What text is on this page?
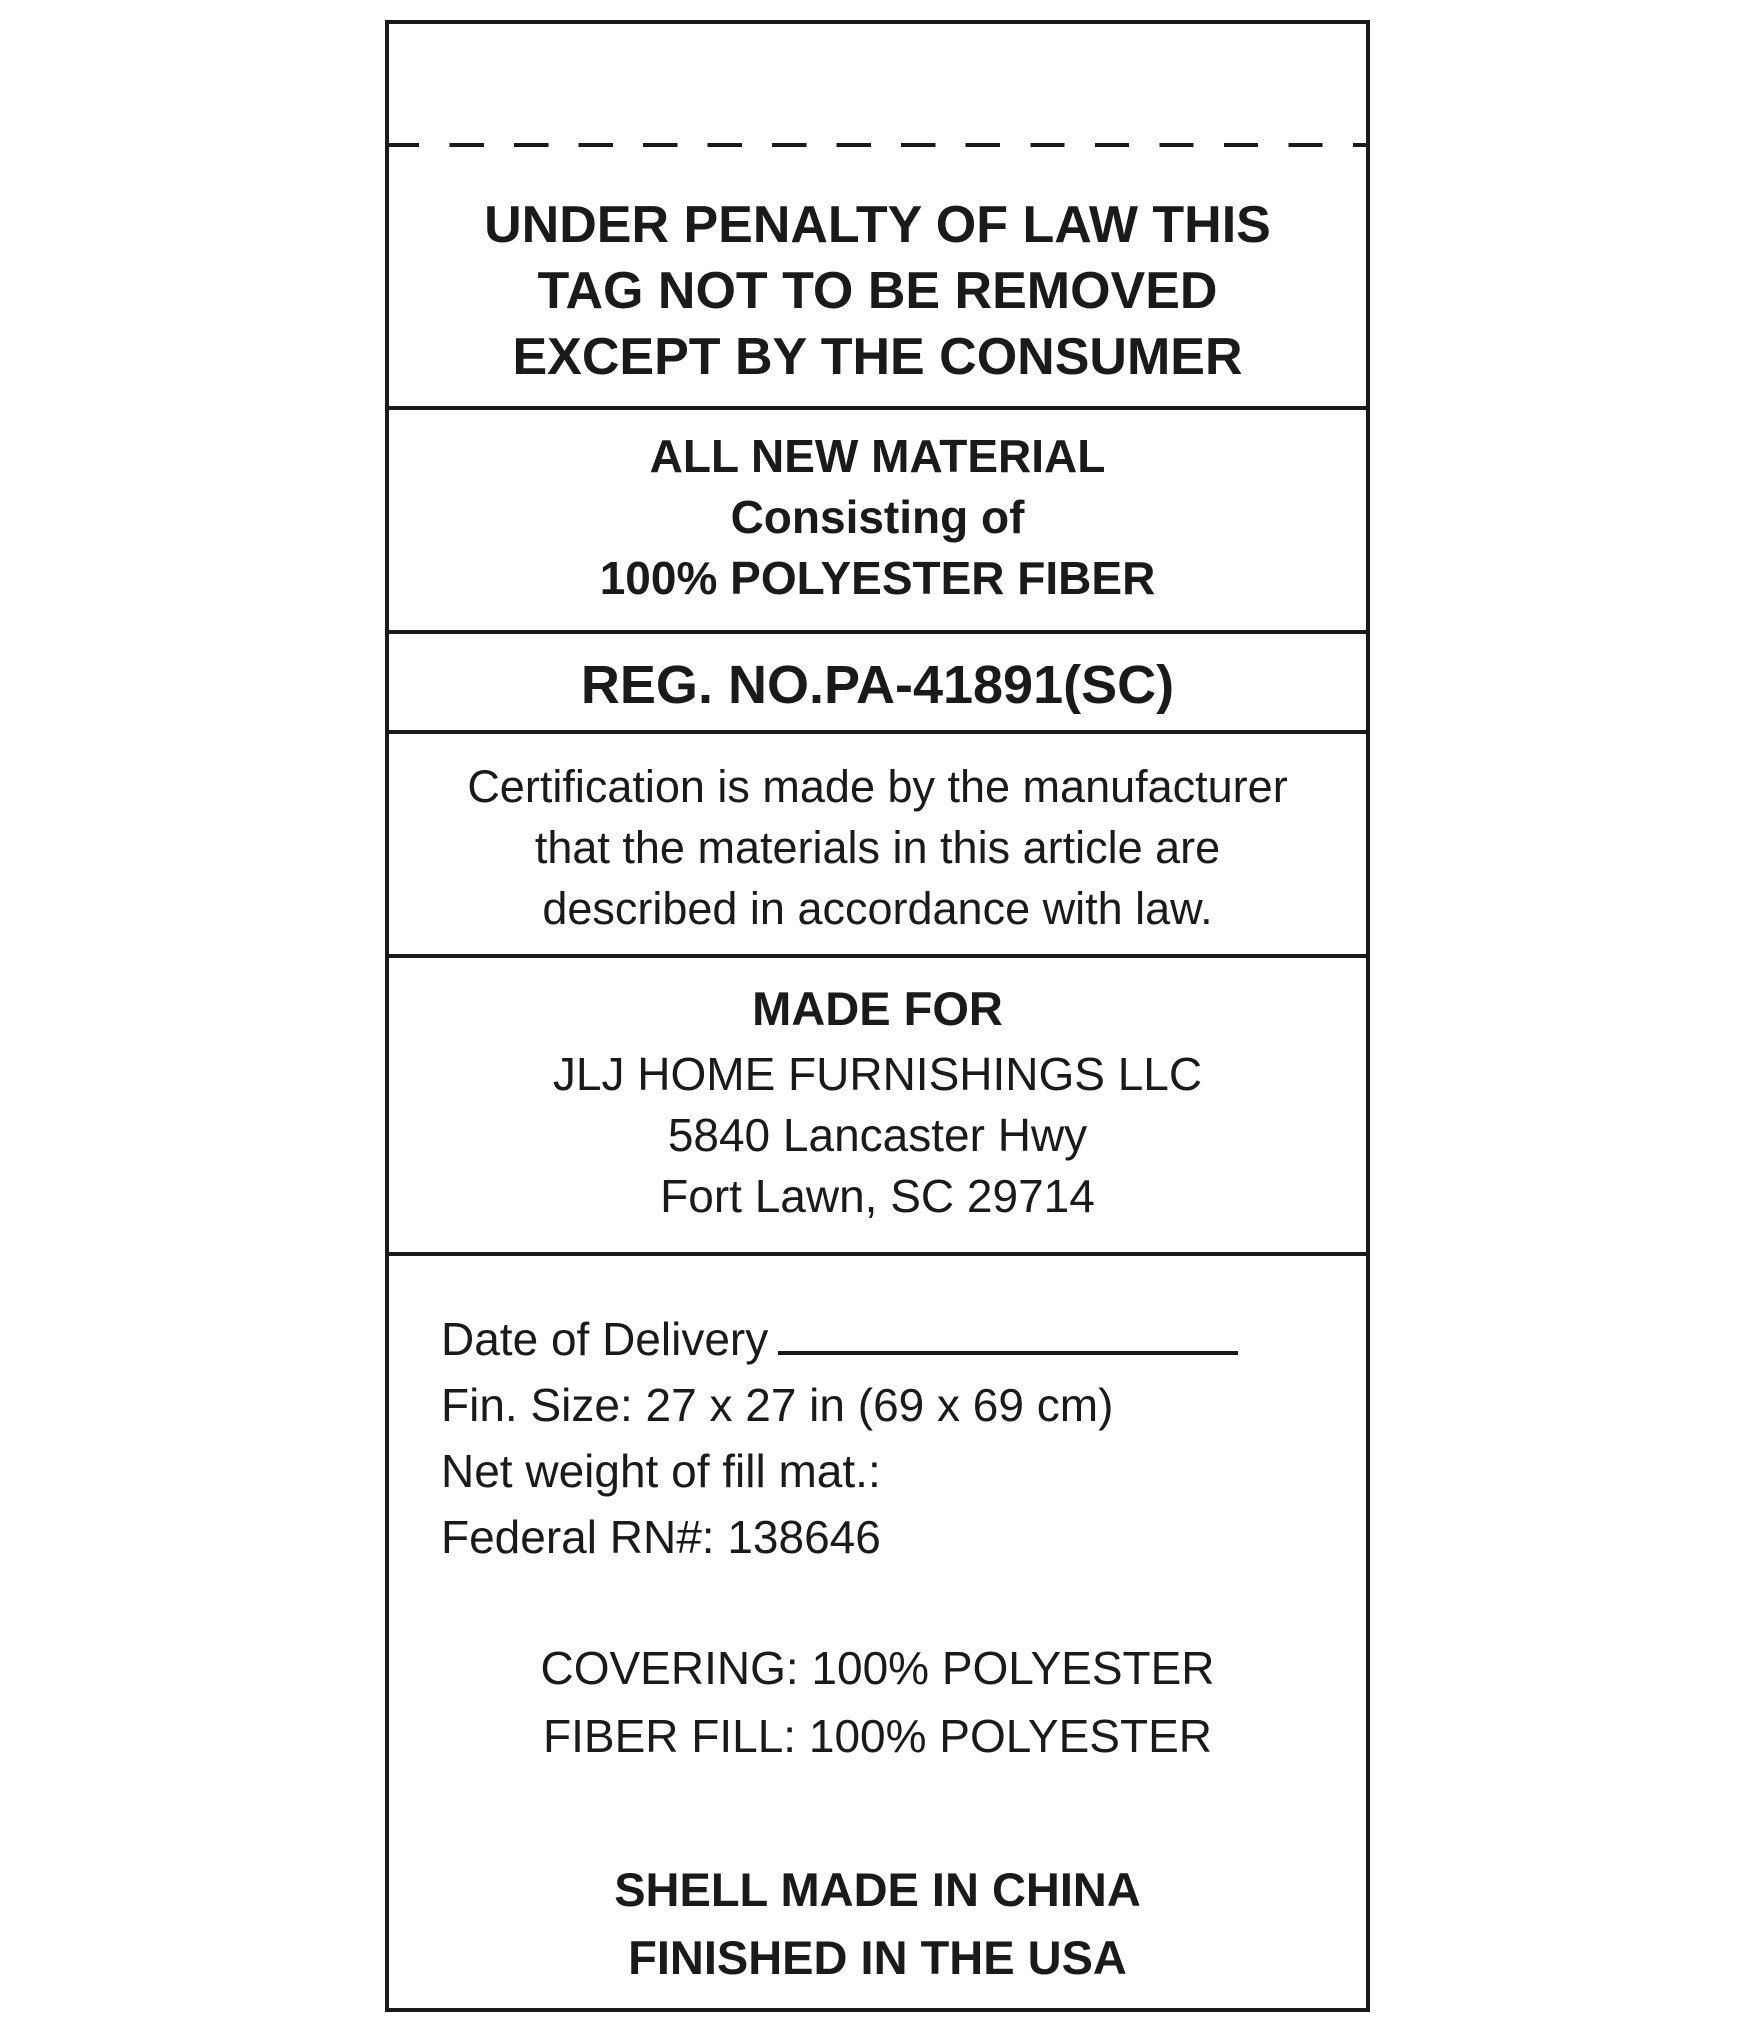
UNDER PENALTY OF LAW THIS
TAG NOT TO BE REMOVED
EXCEPT BY THE CONSUMER
ALL NEW MATERIAL
Consisting of
100% POLYESTER FIBER
REG. NO.PA-41891(SC)
Certification is made by the manufacturer
that the materials in this article are
described in accordance with law.
MADE FOR
JLJ HOME FURNISHINGS LLC
5840 Lancaster Hwy
Fort Lawn, SC 29714
Date of Delivery
Fin. Size: 27 x 27 in (69 x 69 cm)
Net weight of fill mat.:
Federal RN#: 138646
COVERING: 100% POLYESTER
FIBER FILL: 100% POLYESTER
SHELL MADE IN CHINA
FINISHED IN THE USA
